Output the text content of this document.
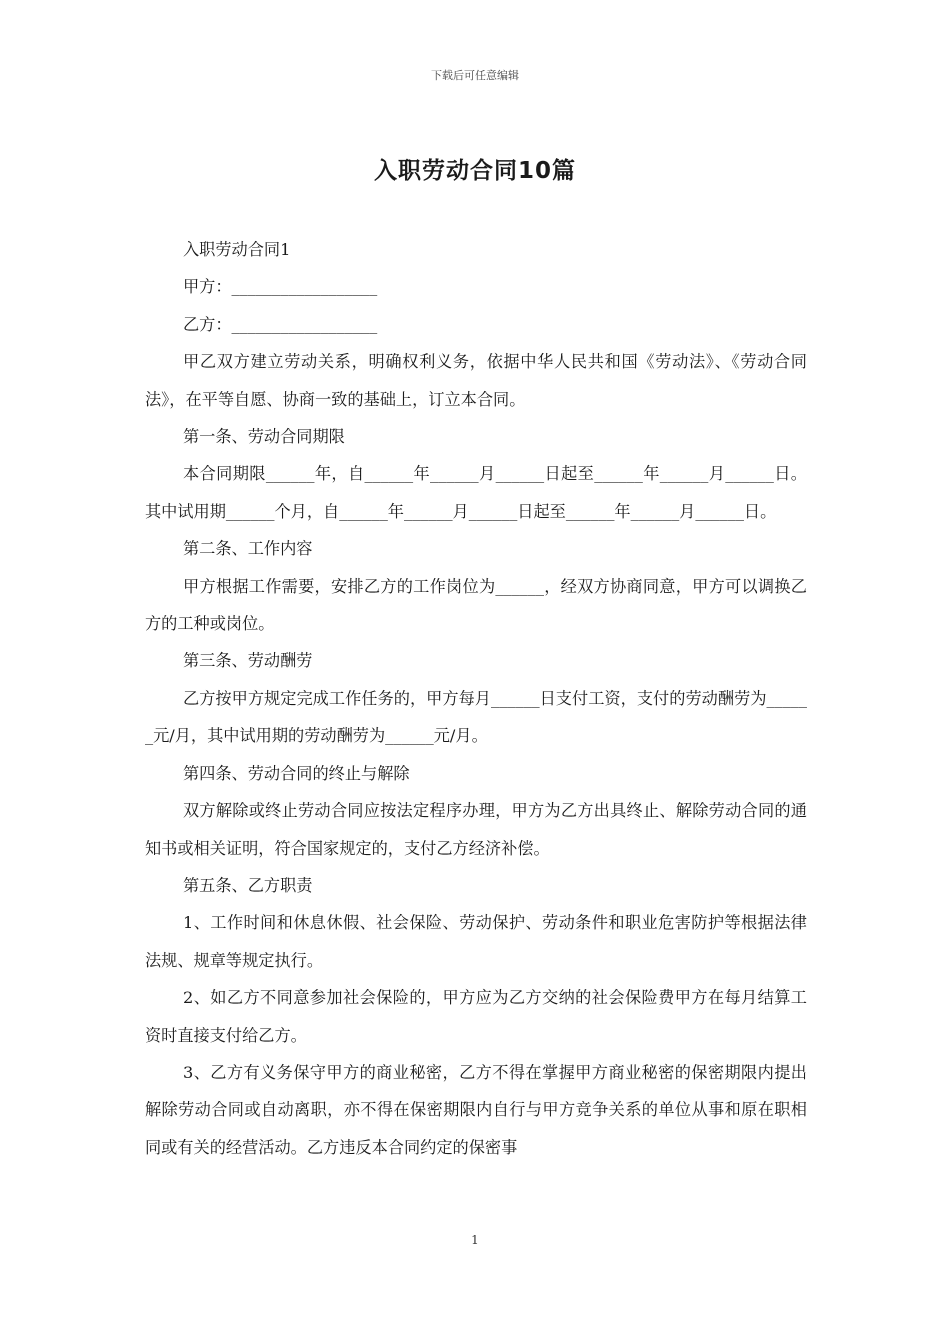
下载后可任意编辑
入职劳动合同10篇

入职劳动合同1

甲方：__________________

乙方：__________________

甲乙双方建立劳动关系，明确权利义务，依据中华人民共和国《劳动法》、《劳动合同法》，在平等自愿、协商一致的基础上，订立本合同。

第一条、劳动合同期限

本合同期限______年，自______年______月______日起至______年______月______日。其中试用期______个月，自______年______月______日起至______年______月______日。

第二条、工作内容

甲方根据工作需要，安排乙方的工作岗位为______，经双方协商同意，甲方可以调换乙方的工种或岗位。

第三条、劳动酬劳

乙方按甲方规定完成工作任务的，甲方每月______日支付工资，支付的劳动酬劳为______元/月，其中试用期的劳动酬劳为______元/月。

第四条、劳动合同的终止与解除

双方解除或终止劳动合同应按法定程序办理，甲方为乙方出具终止、解除劳动合同的通知书或相关证明，符合国家规定的，支付乙方经济补偿。

第五条、乙方职责

1、工作时间和休息休假、社会保险、劳动保护、劳动条件和职业危害防护等根据法律法规、规章等规定执行。

2、如乙方不同意参加社会保险的，甲方应为乙方交纳的社会保险费甲方在每月结算工资时直接支付给乙方。

3、乙方有义务保守甲方的商业秘密，乙方不得在掌握甲方商业秘密的保密期限内提出解除劳动合同或自动离职，亦不得在保密期限内自行与甲方竞争关系的单位从事和原在职相同或有关的经营活动。乙方违反本合同约定的保密事

1
